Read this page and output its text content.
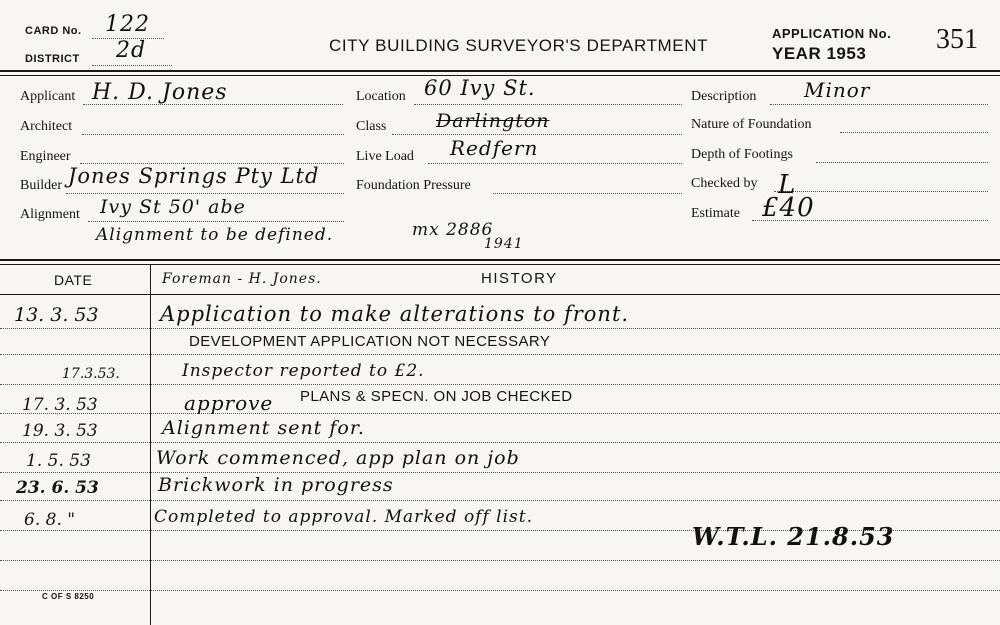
CARD No. 122
DISTRICT 2d	CITY BUILDING SURVEYOR'S DEPARTMENT
APPLICATION No.
YEAR 1953 351
Applicant H. D. Jones
Architect
Engineer
Builder Jones Springs Pty Ltd
Alignment Ivy St 50' abe
Alignment to be defined.	mx 2886
1941
Location 60 Ivy St.
Class	Darlington
Live Load Redfern
Foundation Pressure
Description Minor
Nature of Foundation
Depth of Footings
Checked by L
Estimate £40
DATE	Foreman - H. Jones.	HISTORY
13. 3. 53	Application to make alterations to front.
DEVELOPMENT APPLICATION NOT NECESSARY
17.3.53.	Inspector reported to £2.
17. 3. 53	approve PLANS & SPECN. ON JOB CHECKED
19. 3. 53	Alignment sent for.
1. 5. 53	Work commenced, app plan on job
23. 6. 53	Brickwork in progress
6. 8. "	Completed to approval. Marked off list.
W.T.L. 21.8.53
C OF S 8250
